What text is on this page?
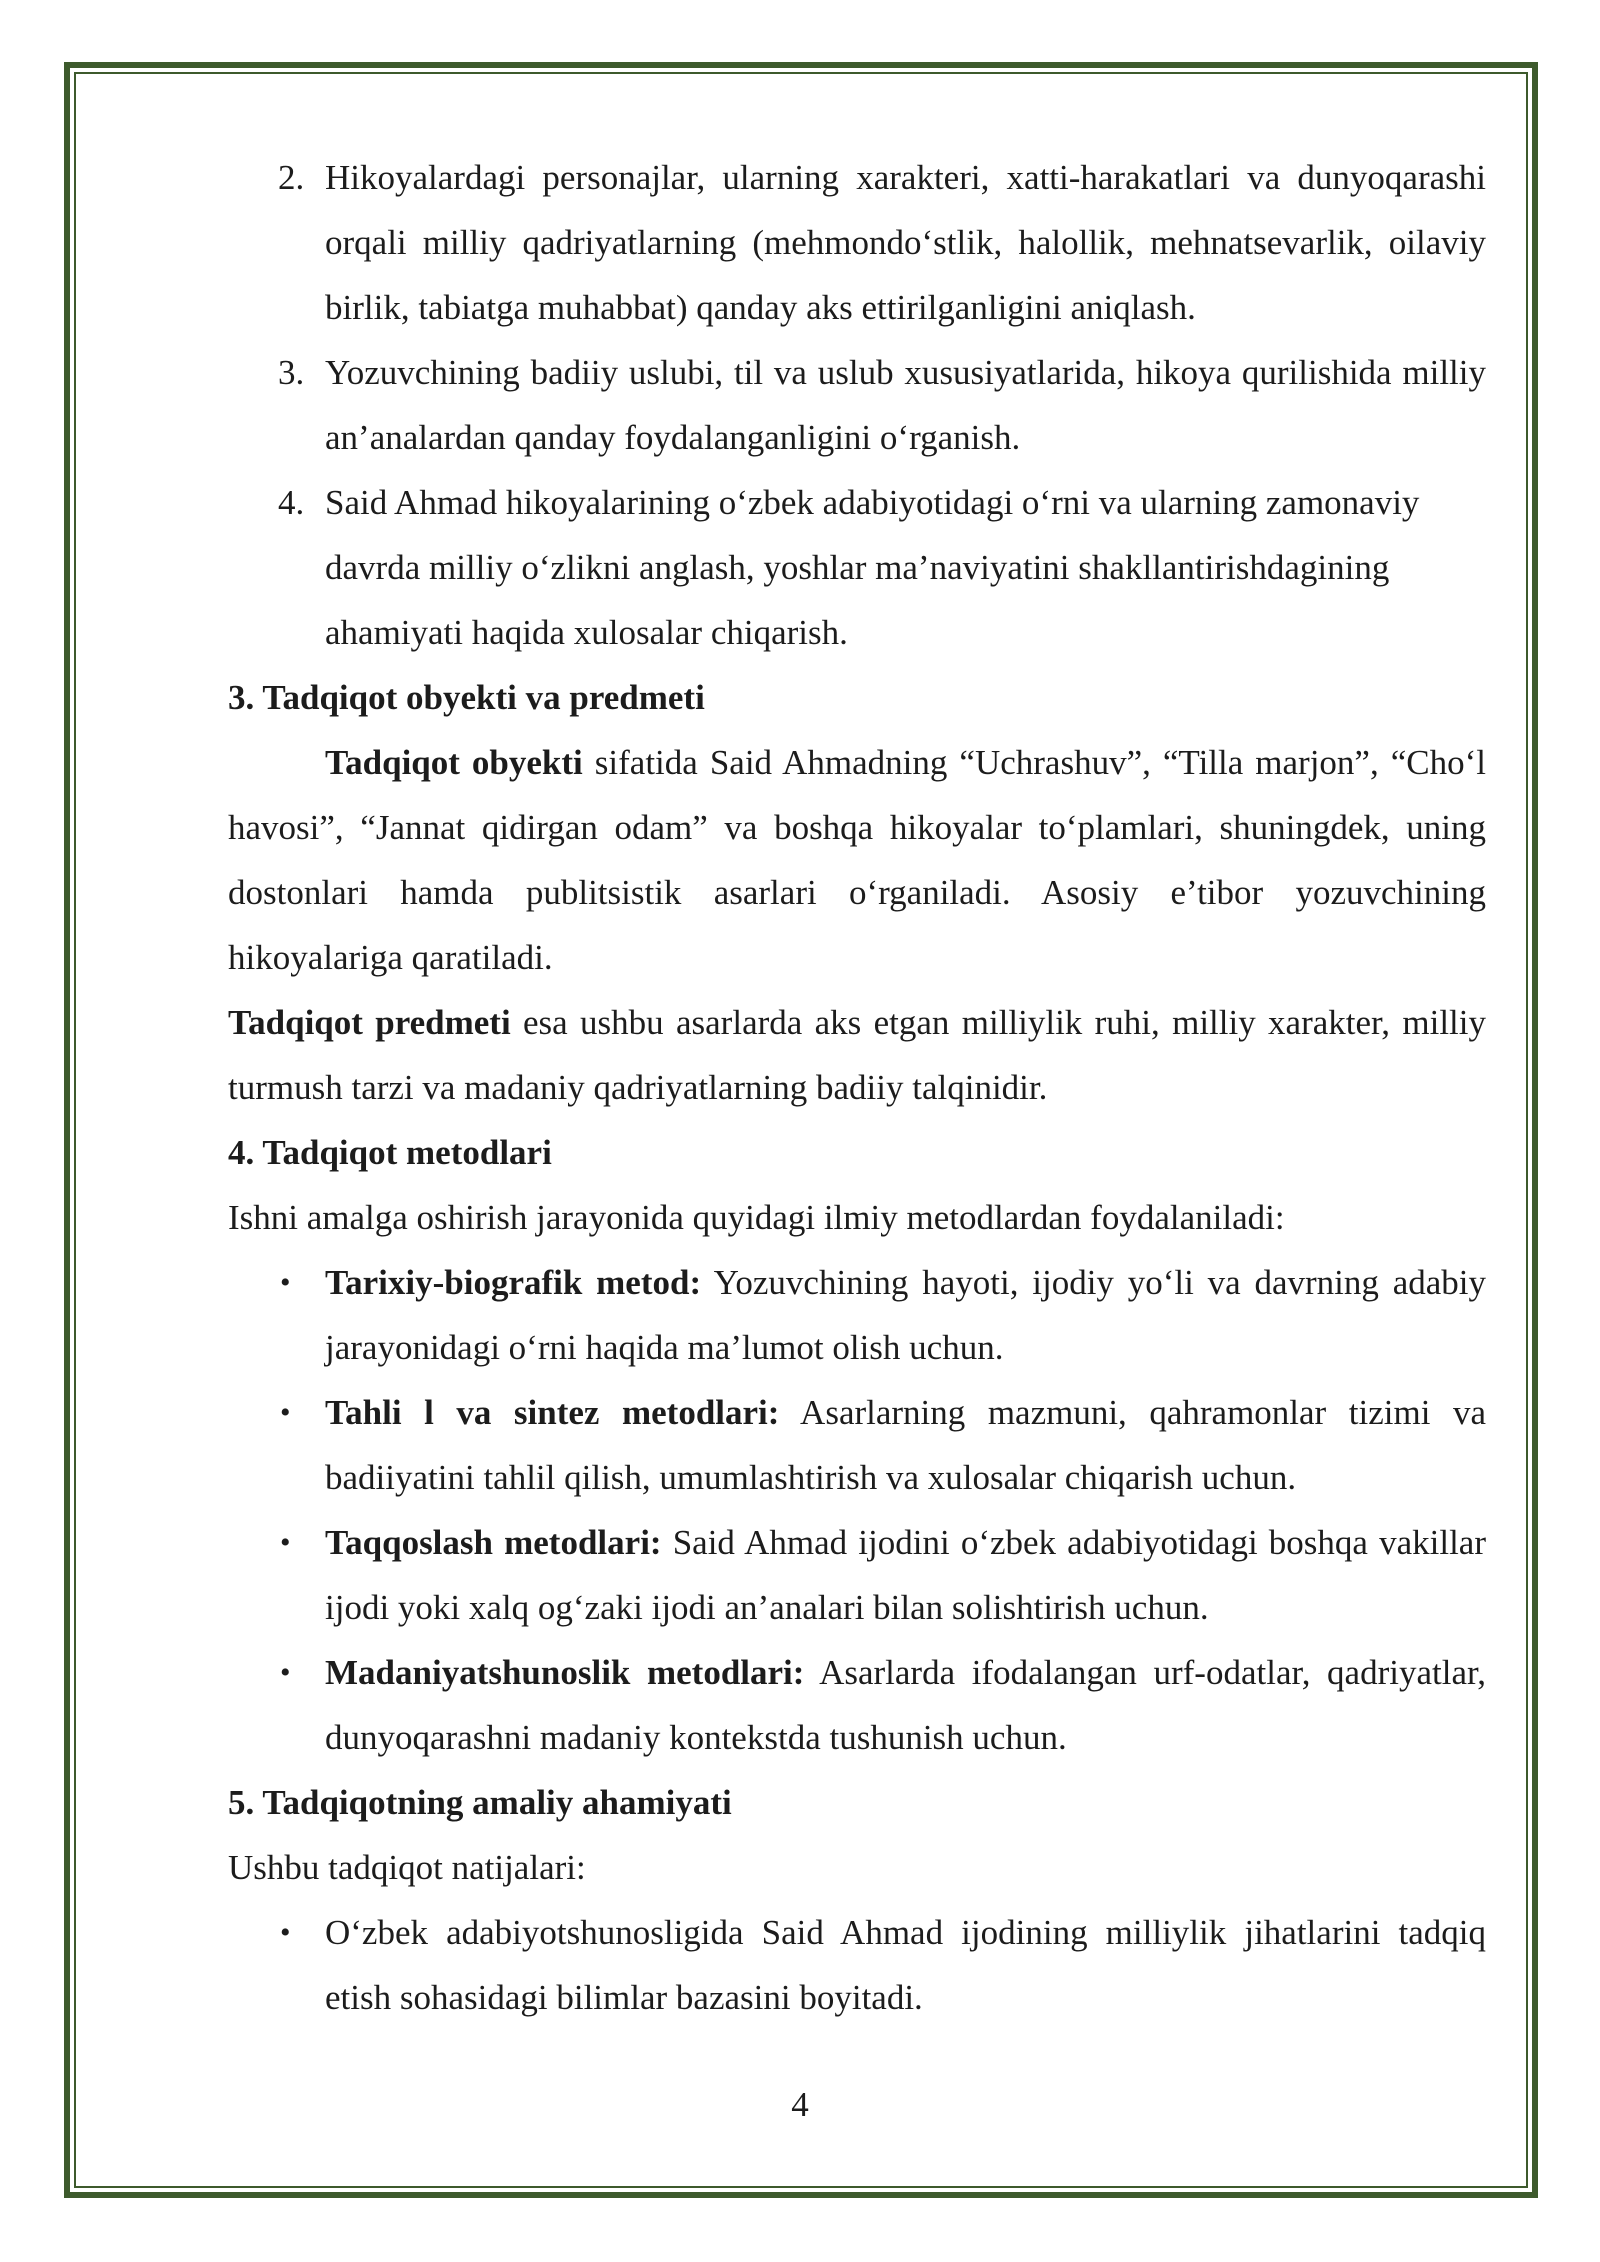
2. Hikoyalardagi personajlar, ularning xarakteri, xatti-harakatlari va dunyoqarashi orqali milliy qadriyatlarning (mehmondo‘stlik, halollik, mehnatsevarlik, oilaviy birlik, tabiatga muhabbat) qanday aks ettirilganligini aniqlash.
3. Yozuvchining badiiy uslubi, til va uslub xususiyatlarida, hikoya qurilishida milliy an’analardan qanday foydalanganligini o‘rganish.
4. Said Ahmad hikoyalarining o‘zbek adabiyotidagi o‘rni va ularning zamonaviy davrda milliy o‘zlikni anglash, yoshlar ma’naviyatini shakllantirishdagining ahamiyati haqida xulosalar chiqarish.

3. Tadqiqot obyekti va predmeti

Tadqiqot obyekti sifatida Said Ahmadning “Uchrashuv”, “Tilla marjon”, “Cho‘l havosi”, “Jannat qidirgan odam” va boshqa hikoyalar to‘plamlari, shuningdek, uning dostonlari hamda publitsistik asarlari o‘rganiladi. Asosiy e’tibor yozuvchining hikoyalariga qaratiladi.

Tadqiqot predmeti esa ushbu asarlarda aks etgan milliylik ruhi, milliy xarakter, milliy turmush tarzi va madaniy qadriyatlarning badiiy talqinidir.

4. Tadqiqot metodlari

Ishni amalga oshirish jarayonida quyidagi ilmiy metodlardan foydalaniladi:

• Tarixiy-biografik metod: Yozuvchining hayoti, ijodiy yo‘li va davrning adabiy jarayonidagi o‘rni haqida ma’lumot olish uchun.
• Tahli l va sintez metodlari: Asarlarning mazmuni, qahramonlar tizimi va badiiyatini tahlil qilish, umumlashtirish va xulosalar chiqarish uchun.
• Taqqoslash metodlari: Said Ahmad ijodini o‘zbek adabiyotidagi boshqa vakillar ijodi yoki xalq og‘zaki ijodi an’analari bilan solishtirish uchun.
• Madaniyatshunoslik metodlari: Asarlarda ifodalangan urf-odatlar, qadriyatlar, dunyoqarashni madaniy kontekstda tushunish uchun.

5. Tadqiqotning amaliy ahamiyati

Ushbu tadqiqot natijalari:

• O‘zbek adabiyotshunosligida Said Ahmad ijodining milliylik jihatlarini tadqiq etish sohasidagi bilimlar bazasini boyitadi.
4
